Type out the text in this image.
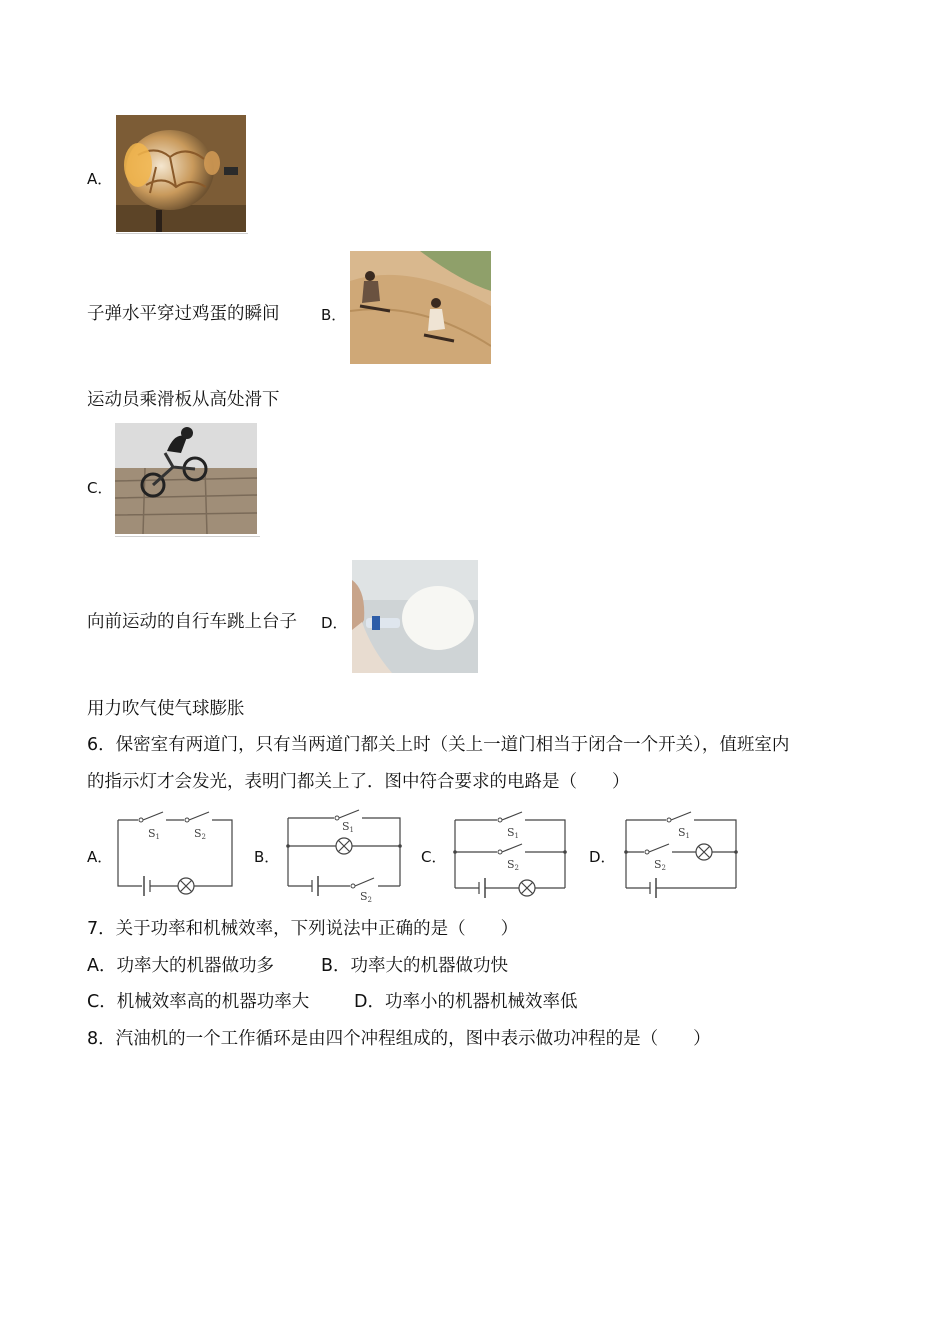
A．
子弹水平穿过鸡蛋的瞬间	B．
运动员乘滑板从高处滑下
C．
向前运动的自行车跳上台子 D．
用力吹气使气球膨胀
6．保密室有两道门，只有当两道门都关上时（关上一道门相当于闭合一个开关），值班室内
的指示灯才会发光，表明门都关上了．图中符合要求的电路是（　　）
A．	B．	C．	D．
S1	S2
S1
S2
S1
S2
S1
S2
7．关于功率和机械效率，下列说法中正确的是（　　）
A．功率大的机器做功多	B．功率大的机器做功快
C．机械效率高的机器功率大	D．功率小的机器机械效率低
8．汽油机的一个工作循环是由四个冲程组成的，图中表示做功冲程的是（　　）
